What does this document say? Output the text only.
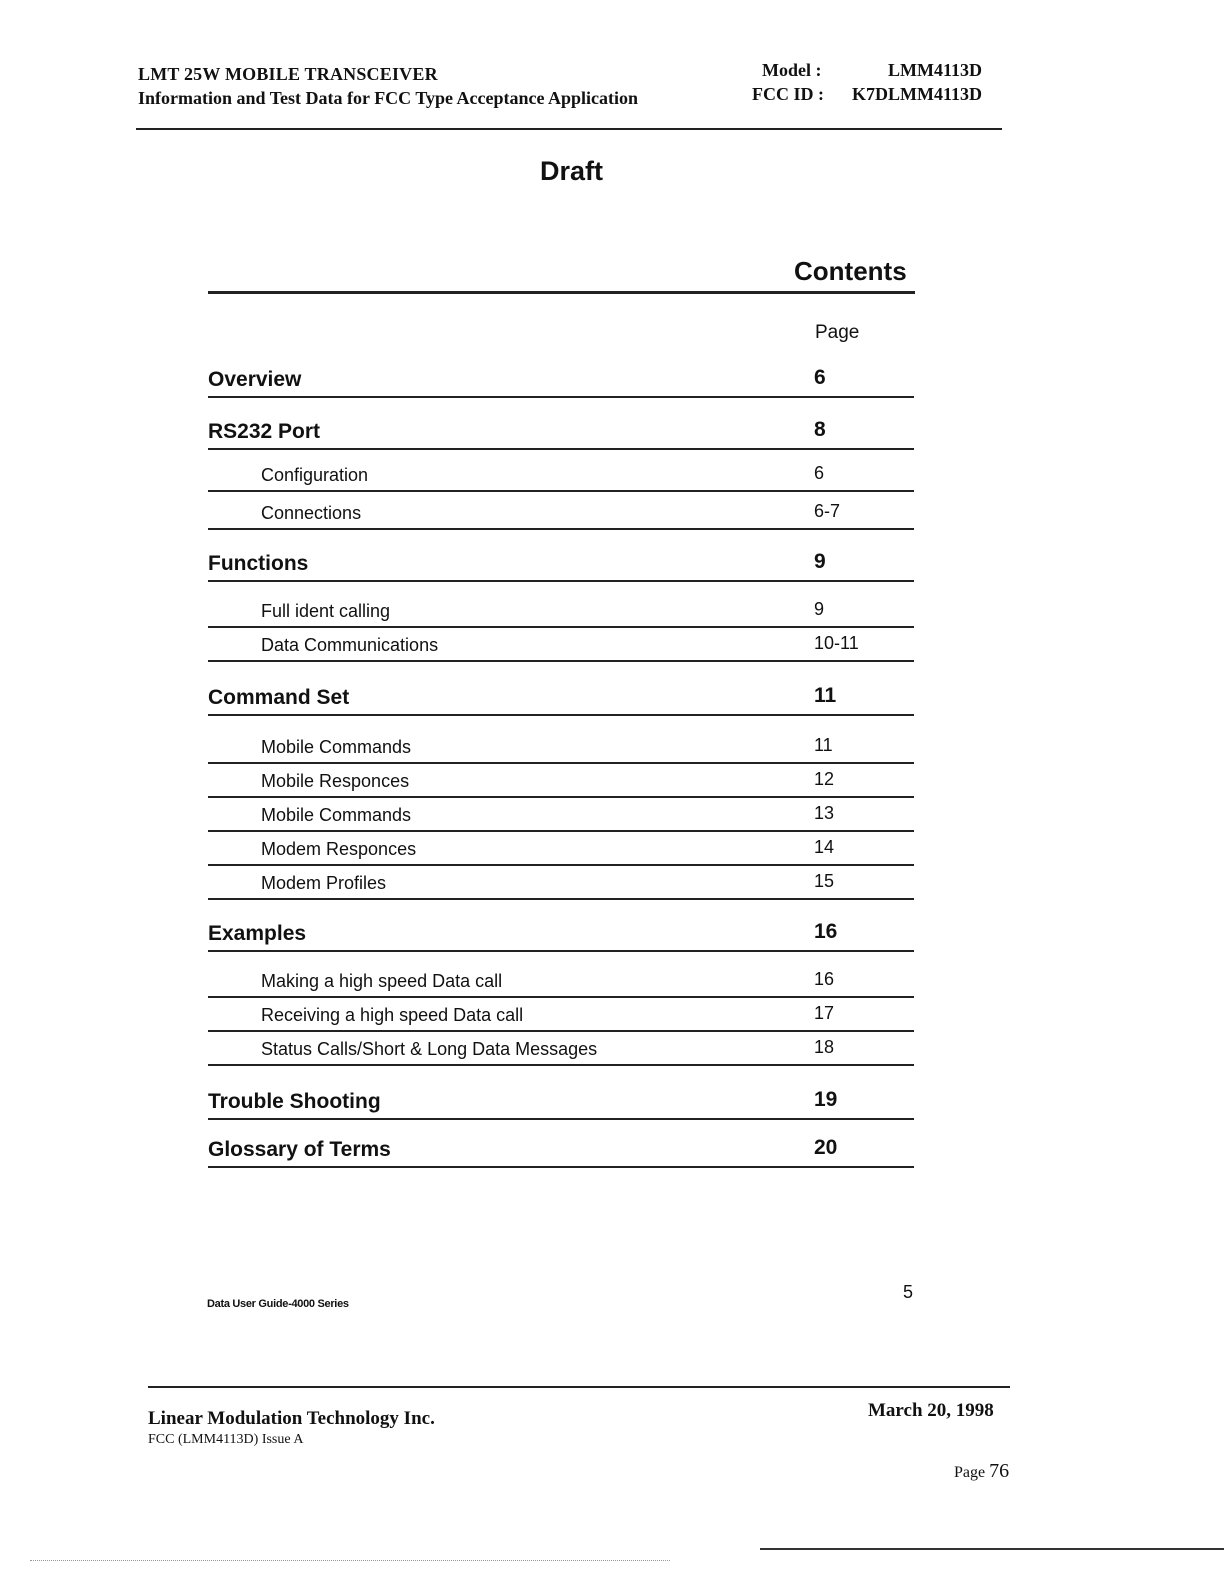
LMT 25W MOBILE TRANSCEIVER
Information and Test Data for FCC Type Acceptance Application
Model :	LMM4113D
FCC ID : K7DLMM4113D
Draft
Contents
Page
Overview	6
RS232 Port	8
Configuration	6
Connections	6-7
Functions	9
Full ident calling	9
Data Communications	10-11
Command Set	11
Mobile Commands	11
Mobile Responces	12
Mobile Commands	13
Modem Responces	14
Modem Profiles	15
Examples	16
Making a high speed Data call	16
Receiving a high speed Data call	17
Status Calls/Short & Long Data Messages	18
Trouble Shooting	19
Glossary of Terms	20
Data User Guide-4000 Series
5
Linear Modulation Technology Inc.
FCC (LMM4113D) Issue A
March 20, 1998
Page 76
